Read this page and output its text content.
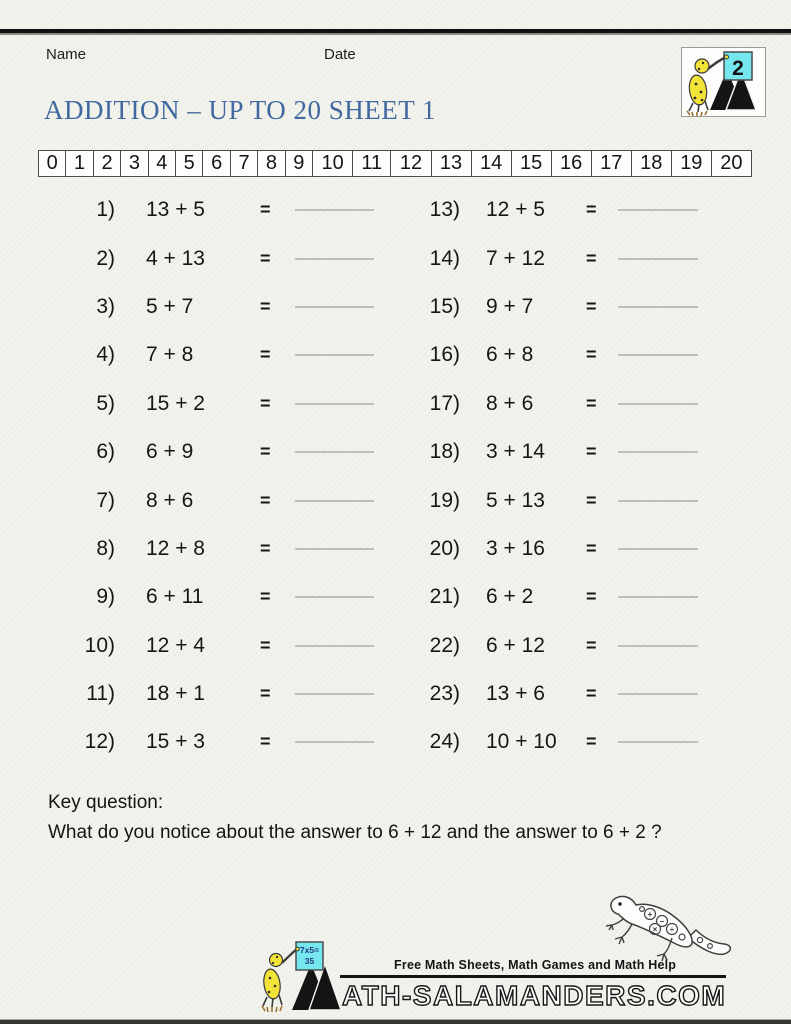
Name	Date
2
ADDITION – UP TO 20 SHEET 1
0	1	2	3	4	5	6	7	8	9	10	11	12	13	14	15	16	17	18	19	20
1) 13 + 5	=
2) 4 + 13	=
3) 5 + 7	=
4) 7 + 8	=
5) 15 + 2	=
6) 6 + 9	=
7) 8 + 6	=
8) 12 + 8	=
9) 6 + 11	=
10) 12 + 4	=
11) 18 + 1	=
12) 15 + 3	=
13) 12 + 5 =
14) 7 + 12 =
15) 9 + 7	=
16) 6 + 8	=
17) 8 + 6	=
18) 3 + 14 =
19) 5 + 13 =
20) 3 + 16 =
21) 6 + 2	=
22) 6 + 12 =
23) 13 + 6 =
24) 10 + 10 =
Key question:
What do you notice about the answer to 6 + 12 and the answer to 6 + 2 ?
+
−
× ÷
7x5=
35	Free Math Sheets, Math Games and Math Help
ATH-SALAMANDERS.COM
